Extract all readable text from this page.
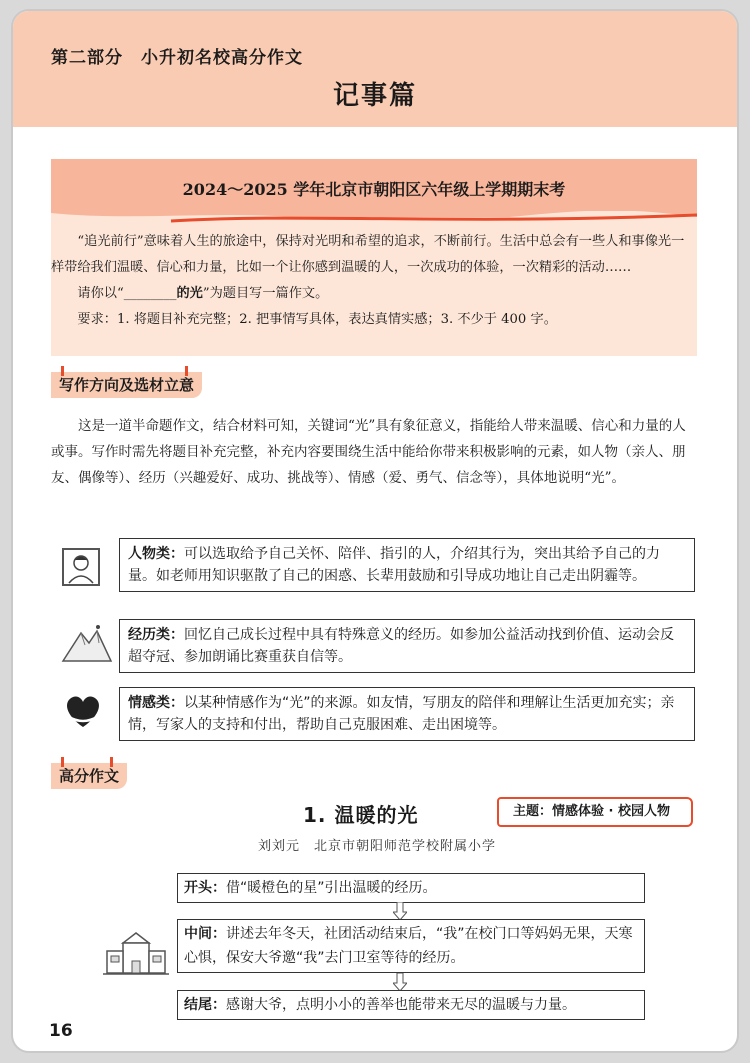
第二部分　小升初名校高分作文
记事篇
2024～2025 学年北京市朝阳区六年级上学期期末考

“追光前行”意味着人生的旅途中，保持对光明和希望的追求，不断前行。生活中总会有一些人和事像光一样带给我们温暖、信心和力量，比如一个让你感到温暖的人，一次成功的体验，一次精彩的活动……

请你以“________的光”为题目写一篇作文。

要求：1. 将题目补充完整；2. 把事情写具体，表达真情实感；3. 不少于 400 字。

写作方向及选材立意
这是一道半命题作文，结合材料可知，关键词“光”具有象征意义，指能给人带来温暖、信心和力量的人或事。写作时需先将题目补充完整，补充内容要围绕生活中能给你带来积极影响的元素，如人物（亲人、朋友、偶像等）、经历（兴趣爱好、成功、挑战等）、情感（爱、勇气、信念等），具体地说明“光”。
人物类：可以选取给予自己关怀、陪伴、指引的人，介绍其行为，突出其给予自己的力量。如老师用知识驱散了自己的困惑、长辈用鼓励和引导成功地让自己走出阴霾等。
经历类：回忆自己成长过程中具有特殊意义的经历。如参加公益活动找到价值、运动会反超夺冠、参加朗诵比赛重获自信等。
情感类：以某种情感作为“光”的来源。如友情，写朋友的陪伴和理解让生活更加充实；亲情，写家人的支持和付出，帮助自己克服困难、走出困境等。
高分作文
1. 温暖的光	主题：情感体验 · 校园人物
刘刘元　北京市朝阳师范学校附属小学
开头：借“暖橙色的星”引出温暖的经历。
中间：讲述去年冬天，社团活动结束后，“我”在校门口等妈妈无果，天寒心惧，保安大爷邀“我”去门卫室等待的经历。
结尾：感谢大爷，点明小小的善举也能带来无尽的温暖与力量。
16
